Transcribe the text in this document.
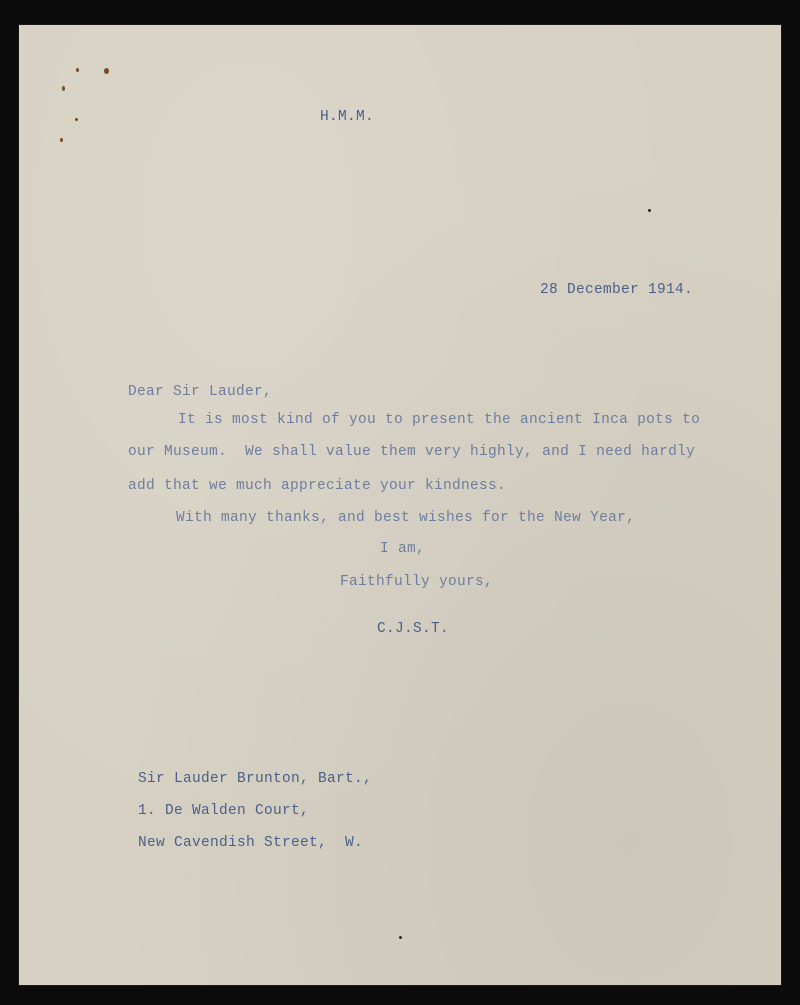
H.M.M.
28 December 1914.
Dear Sir Lauder,
It is most kind of you to present the ancient Inca pots to
our Museum.  We shall value them very highly, and I need hardly
add that we much appreciate your kindness.
With many thanks, and best wishes for the New Year,
I am,
Faithfully yours,
C.J.S.T.
Sir Lauder Brunton, Bart.,
1. De Walden Court,
New Cavendish Street,  W.
